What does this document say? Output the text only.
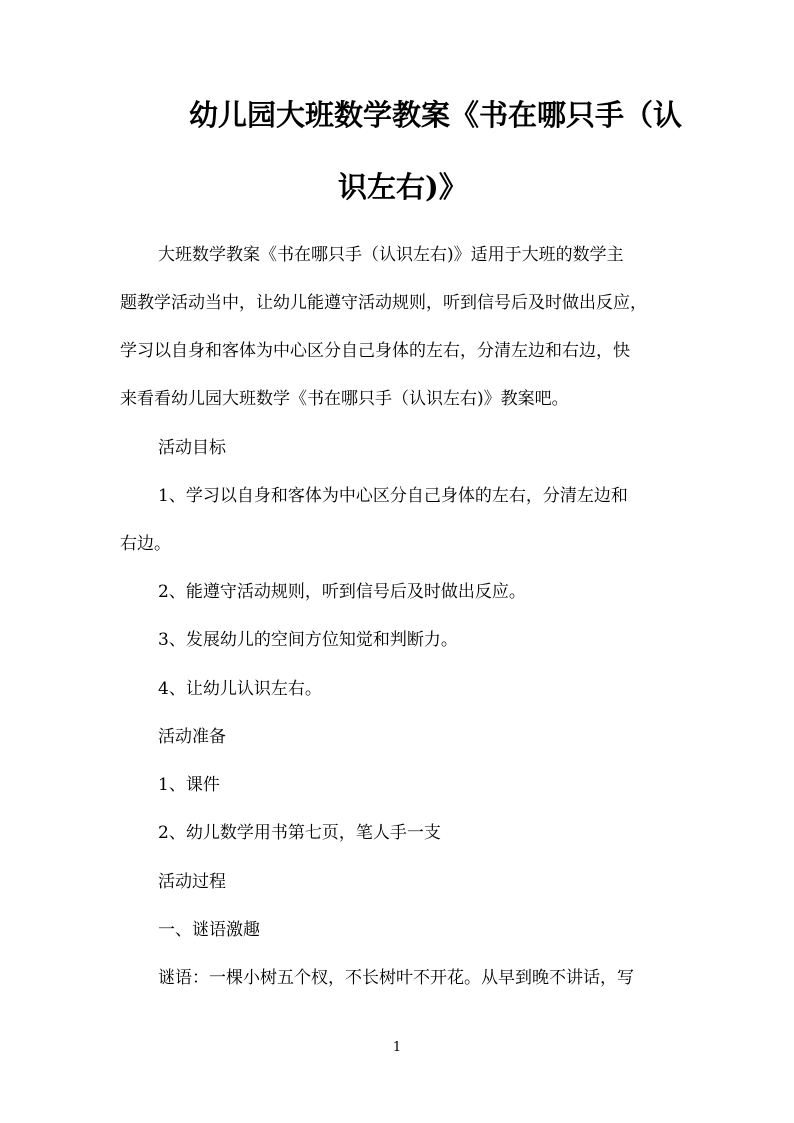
幼儿园大班数学教案《书在哪只手（认
识左右)》

大班数学教案《书在哪只手（认识左右)》适用于大班的数学主

题教学活动当中，让幼儿能遵守活动规则，听到信号后及时做出反应，

学习以自身和客体为中心区分自己身体的左右，分清左边和右边，快

来看看幼儿园大班数学《书在哪只手（认识左右)》教案吧。

活动目标

1、学习以自身和客体为中心区分自己身体的左右，分清左边和

右边。

2、能遵守活动规则，听到信号后及时做出反应。

3、发展幼儿的空间方位知觉和判断力。

4、让幼儿认识左右。

活动准备

1、课件

2、幼儿数学用书第七页，笔人手一支

活动过程

一、谜语激趣

谜语：一棵小树五个杈，不长树叶不开花。从早到晚不讲话，写

1
